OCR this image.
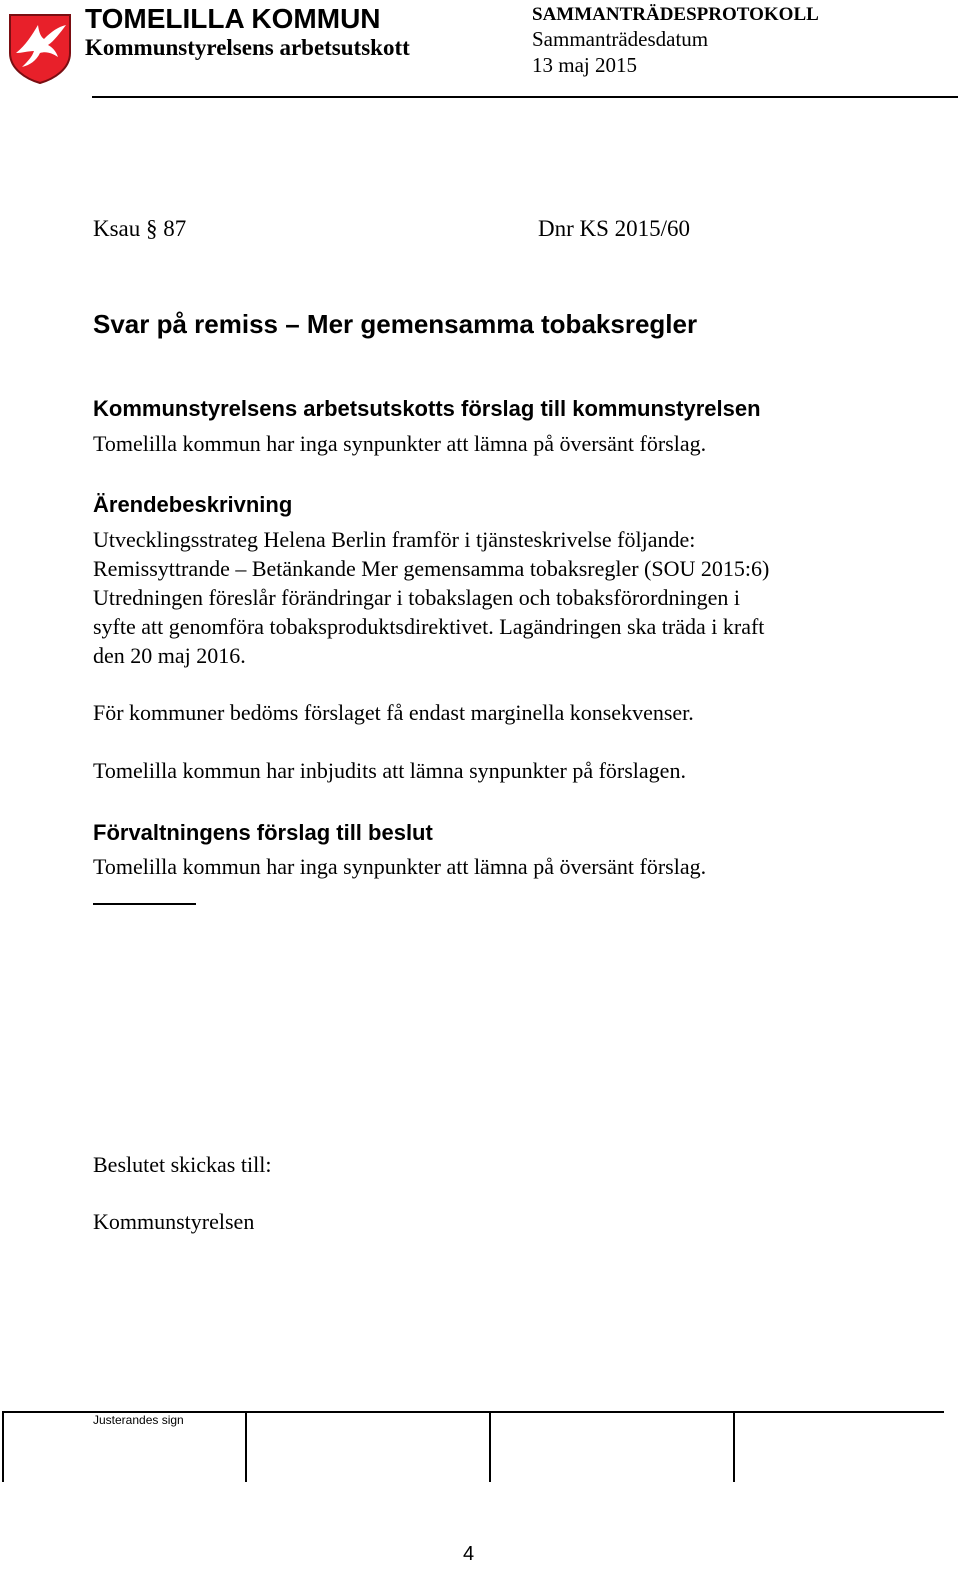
TOMELILLA KOMMUN
Kommunstyrelsens arbetsutskott
SAMMANTRÄDESPROTOKOLL
Sammanträdesdatum
13 maj 2015
Ksau § 87	Dnr KS 2015/60
Svar på remiss – Mer gemensamma tobaksregler
Kommunstyrelsens arbetsutskotts förslag till kommunstyrelsen
Tomelilla kommun har inga synpunkter att lämna på översänt förslag.
Ärendebeskrivning
Utvecklingsstrateg Helena Berlin framför i tjänsteskrivelse följande:
Remissyttrande – Betänkande Mer gemensamma tobaksregler (SOU 2015:6)
Utredningen föreslår förändringar i tobakslagen och tobaksförordningen i
syfte att genomföra tobaksproduktsdirektivet. Lagändringen ska träda i kraft
den 20 maj 2016.
För kommuner bedöms förslaget få endast marginella konsekvenser.
Tomelilla kommun har inbjudits att lämna synpunkter på förslagen.
Förvaltningens förslag till beslut
Tomelilla kommun har inga synpunkter att lämna på översänt förslag.
Beslutet skickas till:
Kommunstyrelsen
Justerandes sign
4
